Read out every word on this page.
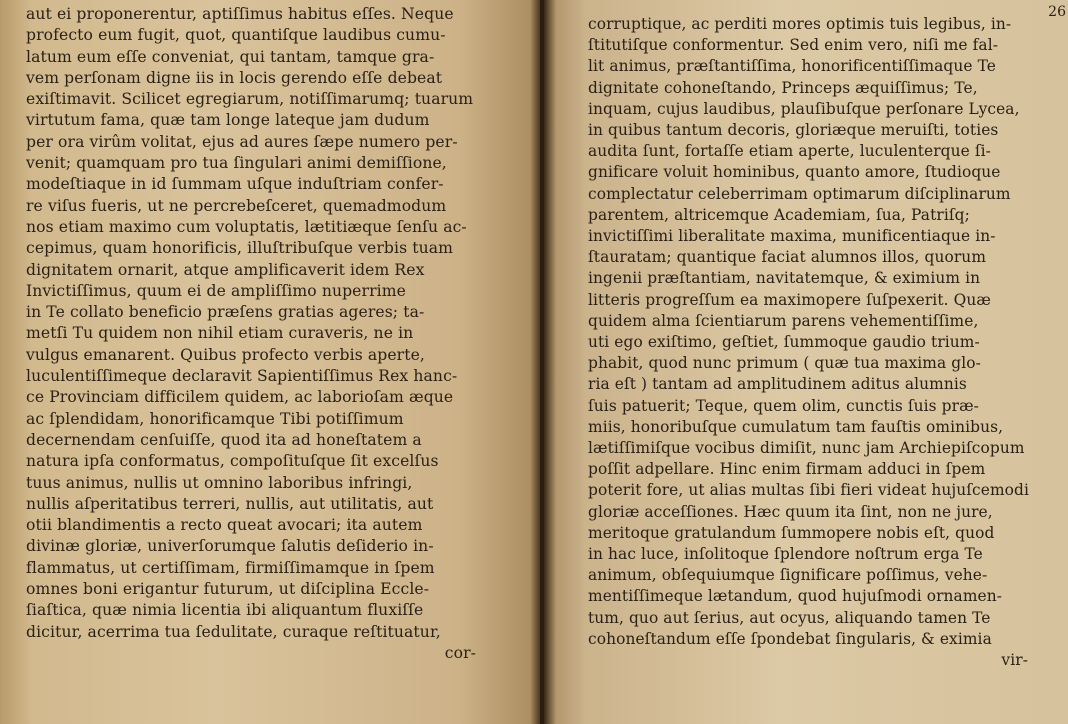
aut ei proponerentur, aptiſſimus habitus eſſes. Neque
profecto eum fugit, quot, quantiſque laudibus cumu-
latum eum eſſe conveniat, qui tantam, tamque gra-
vem perſonam digne iis in locis gerendo eſſe debeat
exiſtimavit. Scilicet egregiarum, notiſſimarumq; tuarum
virtutum fama, quæ tam longe lateque jam dudum
per ora virûm volitat, ejus ad aures ſæpe numero per-
venit; quamquam pro tua ſingulari animi demiſſione,
modeſtiaque in id ſummam uſque induſtriam confer-
re viſus fueris, ut ne percrebeſceret, quemadmodum
nos etiam maximo cum voluptatis, lætitiæque ſenſu ac-
cepimus, quam honorificis, illuſtribuſque verbis tuam
dignitatem ornarit, atque amplificaverit idem Rex
Invictiſſimus, quum ei de ampliſſimo nuperrime
in Te collato beneficio præſens gratias ageres; ta-
metſi Tu quidem non nihil etiam curaveris, ne in
vulgus emanarent. Quibus profecto verbis aperte,
luculentiſſimeque declaravit Sapientiſſimus Rex hanc-
ce Provinciam difficilem quidem, ac laborioſam æque
ac ſplendidam, honorificamque Tibi potiſſimum
decernendam cenſuiſſe, quod ita ad honeſtatem a
natura ipſa conformatus, compoſituſque ſit excelſus
tuus animus, nullis ut omnino laboribus infringi,
nullis aſperitatibus terreri, nullis, aut utilitatis, aut
otii blandimentis a recto queat avocari; ita autem
divinæ gloriæ, univerſorumque ſalutis deſiderio in-
flammatus, ut certiſſimam, firmiſſimamque in ſpem
omnes boni erigantur futurum, ut diſciplina Eccle-
ſiaſtica, quæ nimia licentia ibi aliquantum fluxiſſe
dicitur, acerrima tua ſedulitate, curaque reſtituatur,
cor-
26
corruptique, ac perditi mores optimis tuis legibus, in-
ſtitutiſque conformentur. Sed enim vero, niſi me fal-
lit animus, præſtantiſſima, honorificentiſſimaque Te
dignitate cohoneſtando, Princeps æquiſſimus; Te,
inquam, cujus laudibus, plauſibuſque perſonare Lycea,
in quibus tantum decoris, gloriæque meruiſti, toties
audita ſunt, fortaſſe etiam aperte, luculenterque ſi-
gnificare voluit hominibus, quanto amore, ſtudioque
complectatur celeberrimam optimarum diſciplinarum
parentem, altricemque Academiam, ſua, Patriſq;
invictiſſimi liberalitate maxima, munificentiaque in-
ſtauratam; quantique faciat alumnos illos, quorum
ingenii præſtantiam, navitatemque, & eximium in
litteris progreſſum ea maximopere ſuſpexerit. Quæ
quidem alma ſcientiarum parens vehementiſſime,
uti ego exiſtimo, geſtiet, ſummoque gaudio trium-
phabit, quod nunc primum ( quæ tua maxima glo-
ria eſt ) tantam ad amplitudinem aditus alumnis
ſuis patuerit; Teque, quem olim, cunctis ſuis præ-
miis, honoribuſque cumulatum tam fauſtis ominibus,
lætiſſimiſque vocibus dimiſit, nunc jam Archiepiſcopum
poſſit adpellare. Hinc enim firmam adduci in ſpem
poterit fore, ut alias multas ſibi fieri videat hujuſcemodi
gloriæ acceſſiones. Hæc quum ita ſint, non ne jure,
meritoque gratulandum ſummopere nobis eſt, quod
in hac luce, inſolitoque ſplendore noſtrum erga Te
animum, obſequiumque ſignificare poſſimus, vehe-
mentiſſimeque lætandum, quod hujuſmodi ornamen-
tum, quo aut ſerius, aut ocyus, aliquando tamen Te
cohoneſtandum eſſe ſpondebat ſingularis, & eximia
vir-
